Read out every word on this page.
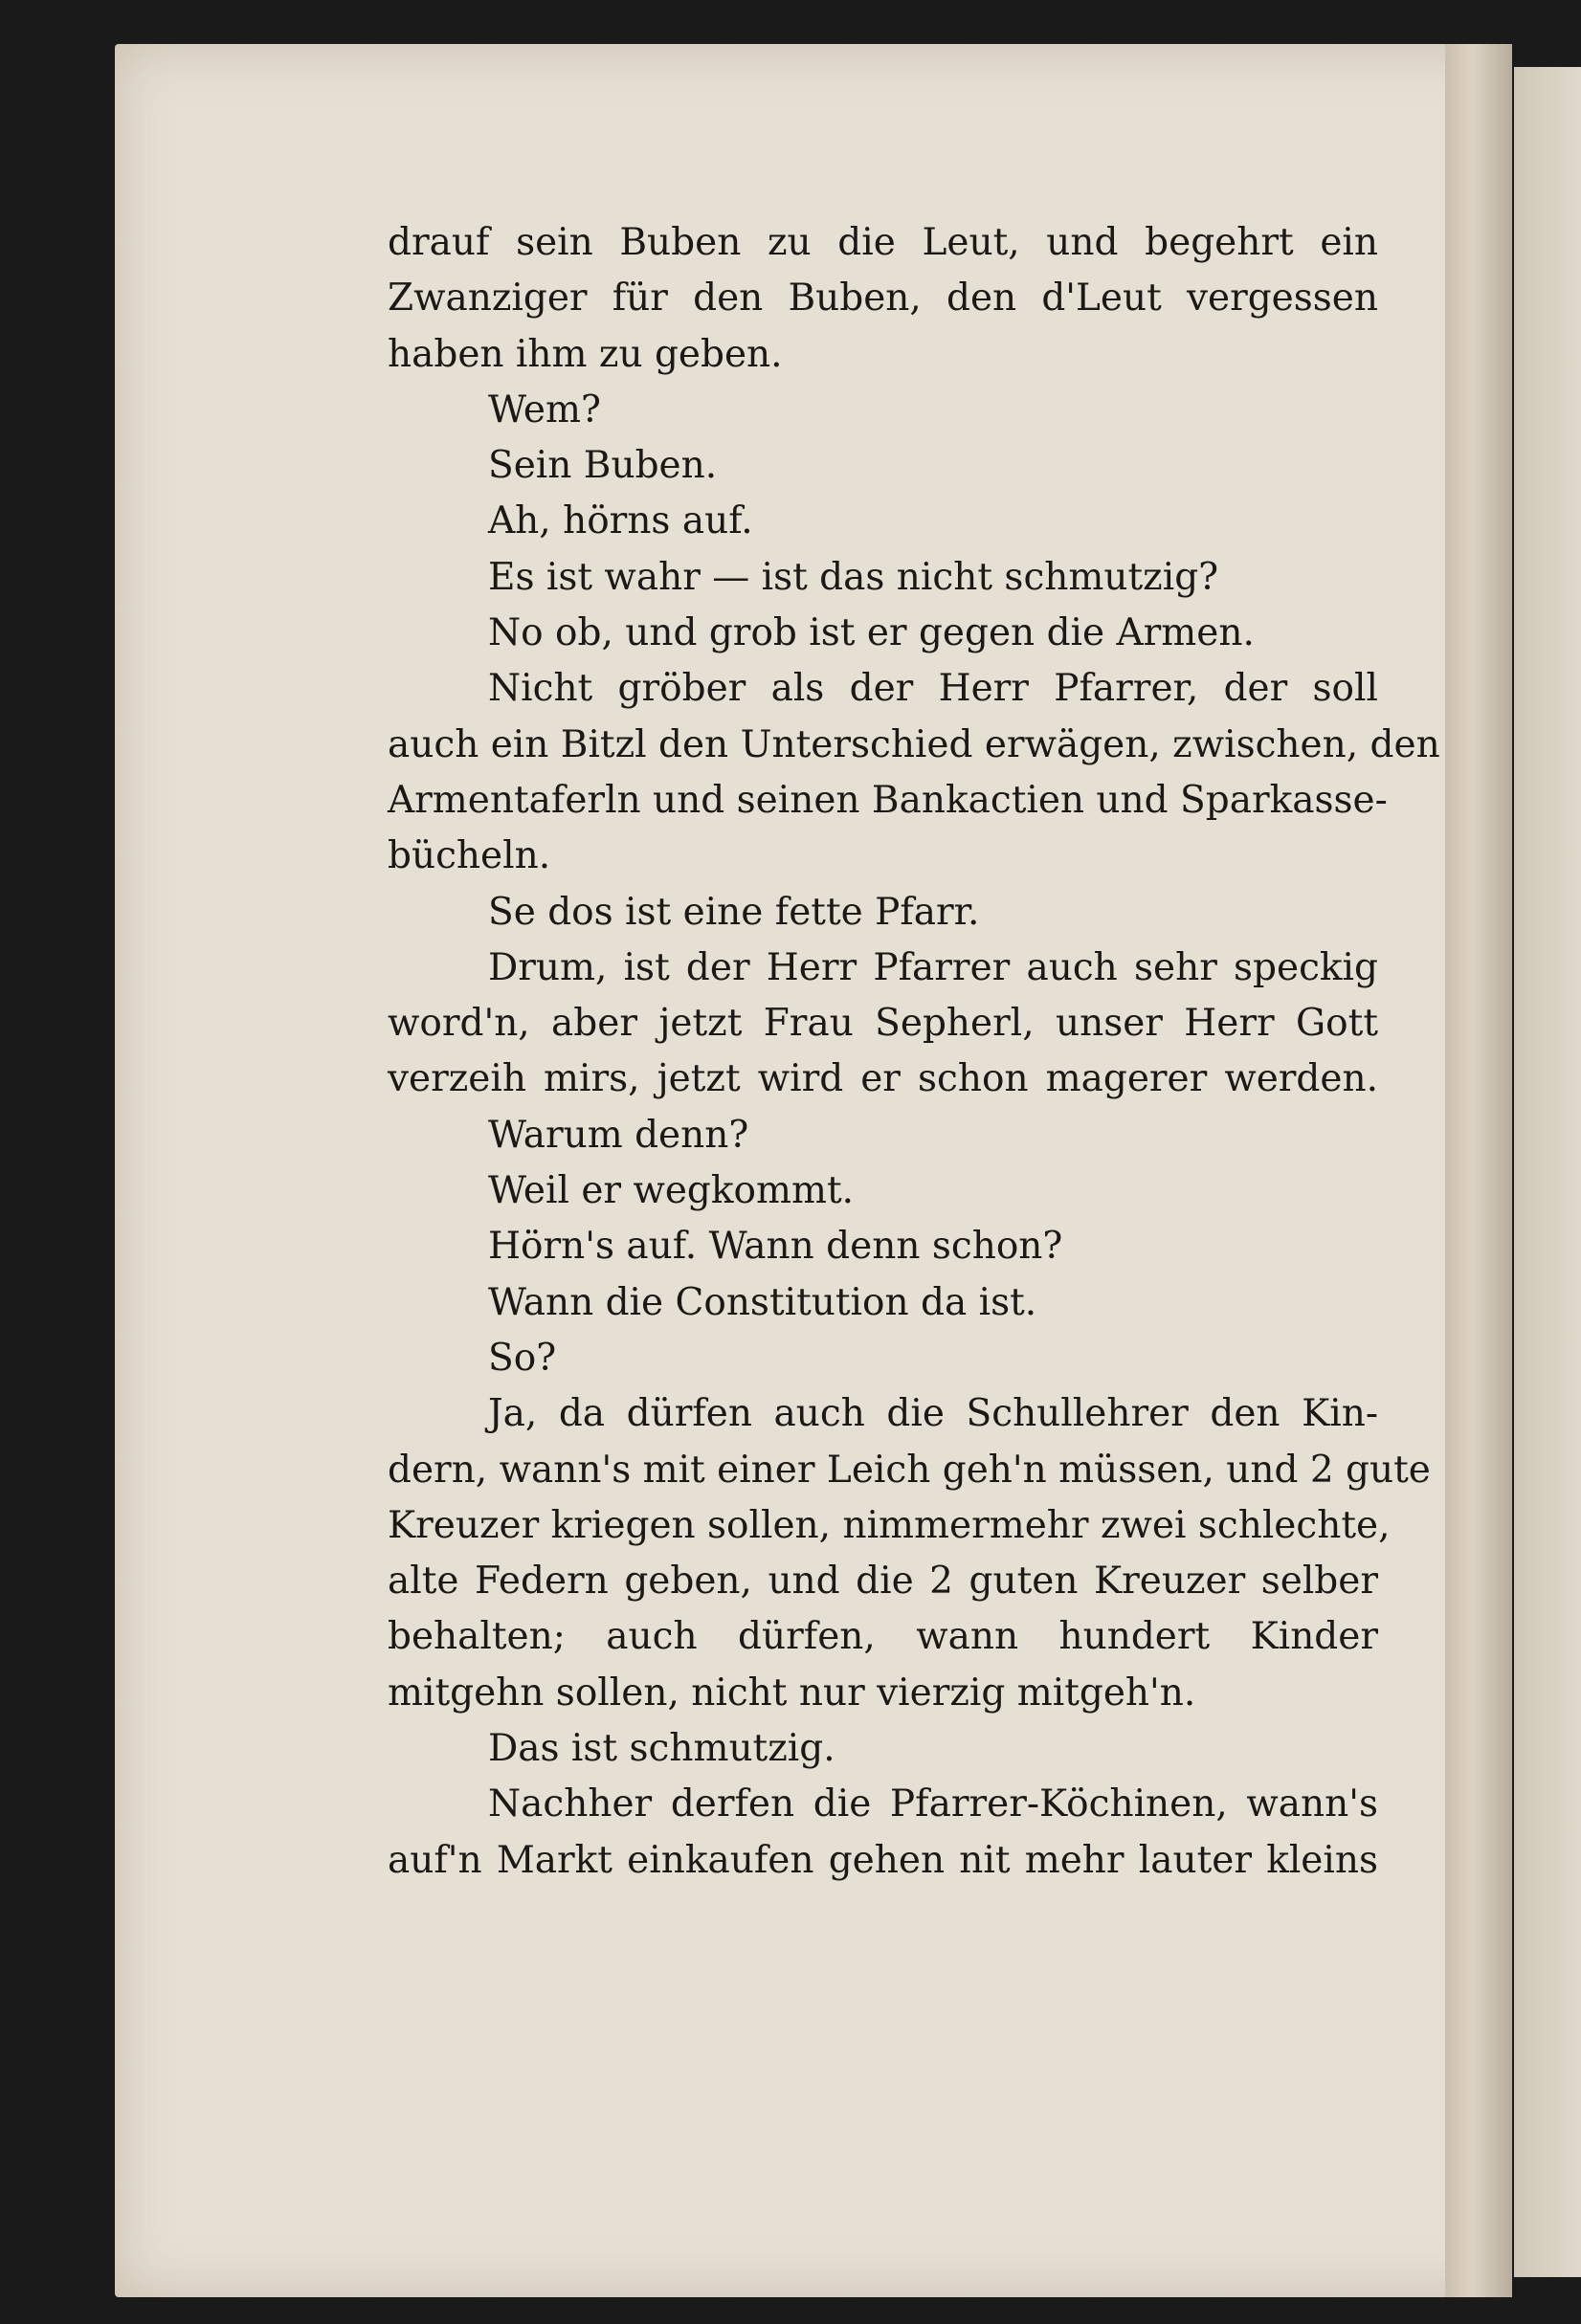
drauf sein Buben zu die Leut, und begehrt ein
Zwanziger für den Buben, den d'Leut vergessen
haben ihm zu geben.
Wem?
Sein Buben.
Ah, hörns auf.
Es ist wahr — ist das nicht schmutzig?
No ob, und grob ist er gegen die Armen.
Nicht gröber als der Herr Pfarrer, der soll
auch ein Bitzl den Unterschied erwägen, zwischen, den
Armentaferln und seinen Bankactien und Sparkasse-
büchеln.
Se dos ist eine fette Pfarr.
Drum, ist der Herr Pfarrer auch sehr speckig
word'n, aber jetzt Frau Sepherl, unser Herr Gott
verzeih mirs, jetzt wird er schon magerer werden.
Warum denn?
Weil er wegkommt.
Hörn's auf. Wann denn schon?
Wann die Constitution da ist.
So?
Ja, da dürfen auch die Schullehrer den Kin-
dern, wann's mit einer Leich geh'n müssen, und 2 gute
Kreuzer kriegen sollen, nimmermehr zwei schlechte,
alte Federn geben, und die 2 guten Kreuzer selber
behalten; auch dürfen, wann hundert Kinder
mitgehn sollen, nicht nur vierzig mitgeh'n.
Das ist schmutzig.
Nachher derfen die Pfarrer-Köchinen, wann's
auf'n Markt einkaufen gehen nit mehr lauter kleins
